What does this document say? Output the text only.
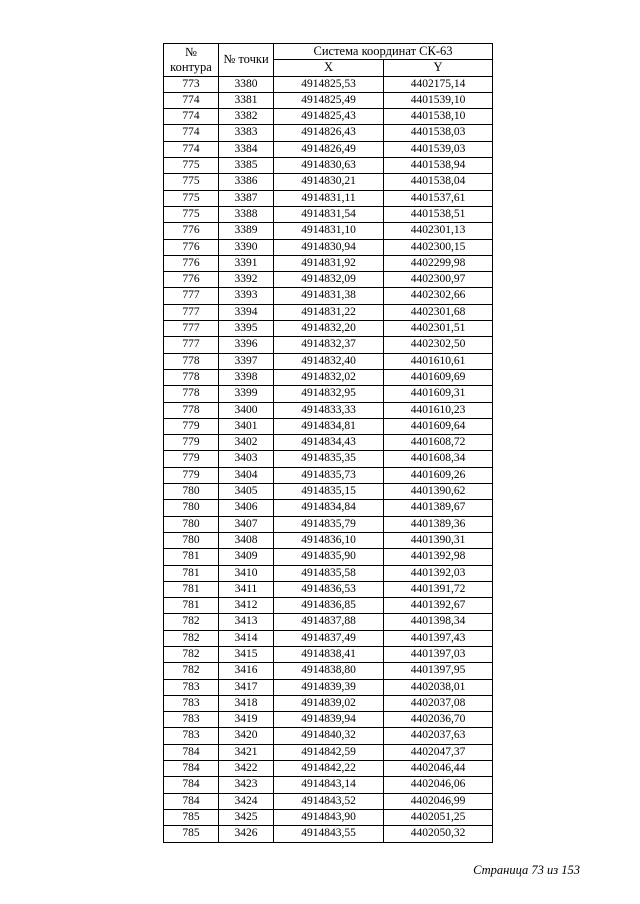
№
контура	№ точки	Система координат СК-63	
		X	Y
773	3380	4914825,53	4402175,14
774	3381	4914825,49	4401539,10
774	3382	4914825,43	4401538,10
774	3383	4914826,43	4401538,03
774	3384	4914826,49	4401539,03
775	3385	4914830,63	4401538,94
775	3386	4914830,21	4401538,04
775	3387	4914831,11	4401537,61
775	3388	4914831,54	4401538,51
776	3389	4914831,10	4402301,13
776	3390	4914830,94	4402300,15
776	3391	4914831,92	4402299,98
776	3392	4914832,09	4402300,97
777	3393	4914831,38	4402302,66
777	3394	4914831,22	4402301,68
777	3395	4914832,20	4402301,51
777	3396	4914832,37	4402302,50
778	3397	4914832,40	4401610,61
778	3398	4914832,02	4401609,69
778	3399	4914832,95	4401609,31
778	3400	4914833,33	4401610,23
779	3401	4914834,81	4401609,64
779	3402	4914834,43	4401608,72
779	3403	4914835,35	4401608,34
779	3404	4914835,73	4401609,26
780	3405	4914835,15	4401390,62
780	3406	4914834,84	4401389,67
780	3407	4914835,79	4401389,36
780	3408	4914836,10	4401390,31
781	3409	4914835,90	4401392,98
781	3410	4914835,58	4401392,03
781	3411	4914836,53	4401391,72
781	3412	4914836,85	4401392,67
782	3413	4914837,88	4401398,34
782	3414	4914837,49	4401397,43
782	3415	4914838,41	4401397,03
782	3416	4914838,80	4401397,95
783	3417	4914839,39	4402038,01
783	3418	4914839,02	4402037,08
783	3419	4914839,94	4402036,70
783	3420	4914840,32	4402037,63
784	3421	4914842,59	4402047,37
784	3422	4914842,22	4402046,44
784	3423	4914843,14	4402046,06
784	3424	4914843,52	4402046,99
785	3425	4914843,90	4402051,25
785	3426	4914843,55	4402050,32
Страница 73 из 153
